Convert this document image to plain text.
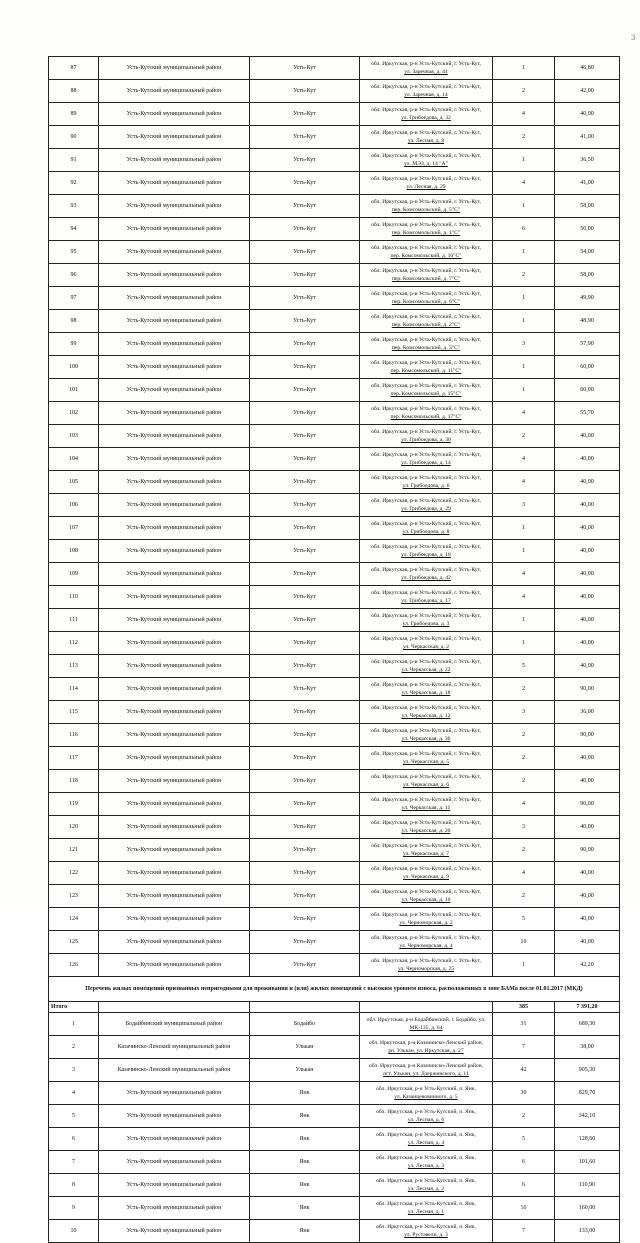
3
87	Усть-Кутский муниципальный район	Усть-Кут	обл. Иркутская, р-н Усть-Кутский, г. Усть-Кут,
ул. Заречная, д. 41	1	46,80
88	Усть-Кутский муниципальный район	Усть-Кут	обл. Иркутская, р-н Усть-Кутский, г. Усть-Кут,
ул. Заречная, д. 14	2	42,00
89	Усть-Кутский муниципальный район	Усть-Кут	обл. Иркутская, р-н Усть-Кутский, г. Усть-Кут,
ул. Грибоедова, д. 32	4	40,00
90	Усть-Кутский муниципальный район	Усть-Кут	обл. Иркутская, р-н Усть-Кутский, г. Усть-Кут,
ул. Лесная, д. 8	2	41,00
91	Усть-Кутский муниципальный район	Усть-Кут	обл. Иркутская, р-н Усть-Кутский, г. Усть-Кут,
ул. МЭЗ, д. 14 "А"	1	36,50
92	Усть-Кутский муниципальный район	Усть-Кут	обл. Иркутская, р-н Усть-Кутский, г. Усть-Кут,
ул. Лесная, д. 29	4	41,00
93	Усть-Кутский муниципальный район	Усть-Кут	обл. Иркутская, р-н Усть-Кутский, г. Усть-Кут,
пер. Комсомольский, д. 5"С"	1	58,00
94	Усть-Кутский муниципальный район	Усть-Кут	обл. Иркутская, р-н Усть-Кутский, г. Усть-Кут,
пер. Комсомольский, д. 1"С"	6	50,00
95	Усть-Кутский муниципальный район	Усть-Кут	обл. Иркутская, р-н Усть-Кутский, г. Усть-Кут,
пер. Комсомольский, д. 10"С"	1	54,00
96	Усть-Кутский муниципальный район	Усть-Кут	обл. Иркутская, р-н Усть-Кутский, г. Усть-Кут,
пер. Комсомольский, д. 7"С"	2	58,00
97	Усть-Кутский муниципальный район	Усть-Кут	обл. Иркутская, р-н Усть-Кутский, г. Усть-Кут,
пер. Комсомольский, д. 6"С"	1	49,90
98	Усть-Кутский муниципальный район	Усть-Кут	обл. Иркутская, р-н Усть-Кутский, г. Усть-Кут,
пер. Комсомольский, д. 2"С"	1	48,90
99	Усть-Кутский муниципальный район	Усть-Кут	обл. Иркутская, р-н Усть-Кутский, г. Усть-Кут,
пер. Комсомольский, д. 3"С"	3	57,90
100	Усть-Кутский муниципальный район	Усть-Кут	обл. Иркутская, р-н Усть-Кутский, г. Усть-Кут,
пер. Комсомольский, д. 11"С"	1	60,00
101	Усть-Кутский муниципальный район	Усть-Кут	обл. Иркутская, р-н Усть-Кутский, г. Усть-Кут,
пер. Комсомольский, д. 15"С"	1	60,00
102	Усть-Кутский муниципальный район	Усть-Кут	обл. Иркутская, р-н Усть-Кутский, г. Усть-Кут,
пер. Комсомольский, д. 17"С"	4	55,70
103	Усть-Кутский муниципальный район	Усть-Кут	обл. Иркутская, р-н Усть-Кутский, г. Усть-Кут,
ул. Грибоедова, д. 30	2	40,00
104	Усть-Кутский муниципальный район	Усть-Кут	обл. Иркутская, р-н Усть-Кутский, г. Усть-Кут,
ул. Грибоедова, д. 14	4	40,00
105	Усть-Кутский муниципальный район	Усть-Кут	обл. Иркутская, р-н Усть-Кутский, г. Усть-Кут,
ул. Грибоедова, д. 6	4	40,00
106	Усть-Кутский муниципальный район	Усть-Кут	обл. Иркутская, р-н Усть-Кутский, г. Усть-Кут,
ул. Грибоедова, д. 29	3	40,00
107	Усть-Кутский муниципальный район	Усть-Кут	обл. Иркутская, р-н Усть-Кутский, г. Усть-Кут,
ул. Грибоедова, д. 8	1	40,00
108	Усть-Кутский муниципальный район	Усть-Кут	обл. Иркутская, р-н Усть-Кутский, г. Усть-Кут,
ул. Грибоедова, д. 18	1	40,00
109	Усть-Кутский муниципальный район	Усть-Кут	обл. Иркутская, р-н Усть-Кутский, г. Усть-Кут,
ул. Грибоедова, д. 42	4	40,00
110	Усть-Кутский муниципальный район	Усть-Кут	обл. Иркутская, р-н Усть-Кутский, г. Усть-Кут,
ул. Грибоедова, д. 17	4	40,00
111	Усть-Кутский муниципальный район	Усть-Кут	обл. Иркутская, р-н Усть-Кутский, г. Усть-Кут,
ул. Грибоедова, д. 3	1	40,00
112	Усть-Кутский муниципальный район	Усть-Кут	обл. Иркутская, р-н Усть-Кутский, г. Усть-Кут,
ул. Черкасская, д. 2	1	40,00
113	Усть-Кутский муниципальный район	Усть-Кут	обл. Иркутская, р-н Усть-Кутский, г. Усть-Кут,
ул. Черкасская, д. 22	5	40,00
114	Усть-Кутский муниципальный район	Усть-Кут	обл. Иркутская, р-н Усть-Кутский, г. Усть-Кут,
ул. Черкасская, д. 18	2	90,00
115	Усть-Кутский муниципальный район	Усть-Кут	обл. Иркутская, р-н Усть-Кутский, г. Усть-Кут,
ул. Черкасская, д. 12	3	36,00
116	Усть-Кутский муниципальный район	Усть-Кут	обл. Иркутская, р-н Усть-Кутский, г. Усть-Кут,
ул. Черкасская, д. 36	2	90,00
117	Усть-Кутский муниципальный район	Усть-Кут	обл. Иркутская, р-н Усть-Кутский, г. Усть-Кут,
ул. Черкасская, д. 5	2	40,00
118	Усть-Кутский муниципальный район	Усть-Кут	обл. Иркутская, р-н Усть-Кутский, г. Усть-Кут,
ул. Черкасская, д. 6	2	40,00
119	Усть-Кутский муниципальный район	Усть-Кут	обл. Иркутская, р-н Усть-Кутский, г. Усть-Кут,
ул. Черкасская, д. 11	4	90,00
120	Усть-Кутский муниципальный район	Усть-Кут	обл. Иркутская, р-н Усть-Кутский, г. Усть-Кут,
ул. Черкасская, д. 20	3	40,00
121	Усть-Кутский муниципальный район	Усть-Кут	обл. Иркутская, р-н Усть-Кутский, г. Усть-Кут,
ул. Черкасская, д. 7	2	90,00
122	Усть-Кутский муниципальный район	Усть-Кут	обл. Иркутская, р-н Усть-Кутский, г. Усть-Кут,
ул. Черкасская, д. 9	4	40,00
123	Усть-Кутский муниципальный район	Усть-Кут	обл. Иркутская, р-н Усть-Кутский, г. Усть-Кут,
ул. Черкасская, д. 10	2	40,00
124	Усть-Кутский муниципальный район	Усть-Кут	обл. Иркутская, р-н Усть-Кутский, г. Усть-Кут,
ул. Черноморская, д. 2	5	40,00
125	Усть-Кутский муниципальный район	Усть-Кут	обл. Иркутская, р-н Усть-Кутский, г. Усть-Кут,
ул. Черноморская, д. 4	10	40,00
126	Усть-Кутский муниципальный район	Усть-Кут	обл. Иркутская, р-н Усть-Кутский, г. Усть-Кут,
ул. Черноморская, д. 25	1	42,20
Перечень жилых помещений признанных непригодными для проживания и (или) жилых помещений с высоким уровнем износа, расположенных в зоне БАМа после 01.01.2017 (МКД)					
Итого				385	7 391,20
1	Бодайбинский муниципальный район	Бодайбо	обл. Иркутская, р-н Бодайбинский, г. Бодайбо, ул.
МК-135, д. 64	31	689,30
2	Казачинско-Ленский муниципальный район	Улькан	обл. Иркутская, р-н Казачинско-Ленский район,
рп. Улькан, ул. Иркутская, д. 27	7	38,00
3	Казачинско-Ленский муниципальный район	Улькан	обл. Иркутская, р-н Казачинско-Ленский район,
пгт. Улькан, ул. Дзержинского, д. 11	42	905,30
4	Усть-Кутский муниципальный район	Янк	обл. Иркутская, р-н Усть-Кутский, п. Янк,
ул. Казанцевовинного, д. 5	30	829,70
5	Усть-Кутский муниципальный район	Янк	обл. Иркутская, р-н Усть-Кутский, п. Янк,
ул. Лесная, д. 6	2	342,10
6	Усть-Кутский муниципальный район	Янк	обл. Иркутская, р-н Усть-Кутский, п. Янк,
ул. Лесная, д. 4	5	128,60
7	Усть-Кутский муниципальный район	Янк	обл. Иркутская, р-н Усть-Кутский, п. Янк,
ул. Лесная, д. 3	6	101,60
8	Усть-Кутский муниципальный район	Янк	обл. Иркутская, р-н Усть-Кутский, п. Янк,
ул. Лесная, д. 2	6	110,90
9	Усть-Кутский муниципальный район	Янк	обл. Иркутская, р-н Усть-Кутский, п. Янк,
ул. Лесная, д. 1	10	160,00
10	Усть-Кутский муниципальный район	Янк	обл. Иркутская, р-н Усть-Кутский, п. Янк,
ул. Руставели, д. 3	7	133,00
